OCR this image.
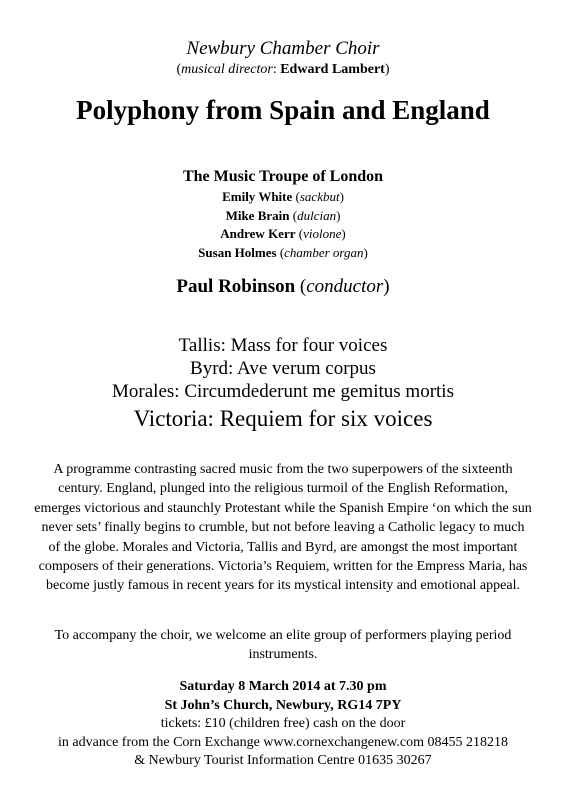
Newbury Chamber Choir
(musical director: Edward Lambert)
Polyphony from Spain and England
The Music Troupe of London
Emily White (sackbut)
Mike Brain (dulcian)
Andrew Kerr (violone)
Susan Holmes (chamber organ)
Paul Robinson (conductor)
Tallis: Mass for four voices
Byrd: Ave verum corpus
Morales: Circumdederunt me gemitus mortis
Victoria: Requiem for six voices
A programme contrasting sacred music from the two superpowers of the sixteenth century. England, plunged into the religious turmoil of the English Reformation, emerges victorious and staunchly Protestant while the Spanish Empire ‘on which the sun never sets’ finally begins to crumble, but not before leaving a Catholic legacy to much of the globe. Morales and Victoria, Tallis and Byrd, are amongst the most important composers of their generations. Victoria’s Requiem, written for the Empress Maria, has become justly famous in recent years for its mystical intensity and emotional appeal.
To accompany the choir, we welcome an elite group of performers playing period instruments.
Saturday 8 March 2014 at 7.30 pm
St John’s Church, Newbury, RG14 7PY
tickets: £10 (children free) cash on the door
in advance from the Corn Exchange www.cornexchangenew.com 08455 218218
& Newbury Tourist Information Centre 01635 30267
